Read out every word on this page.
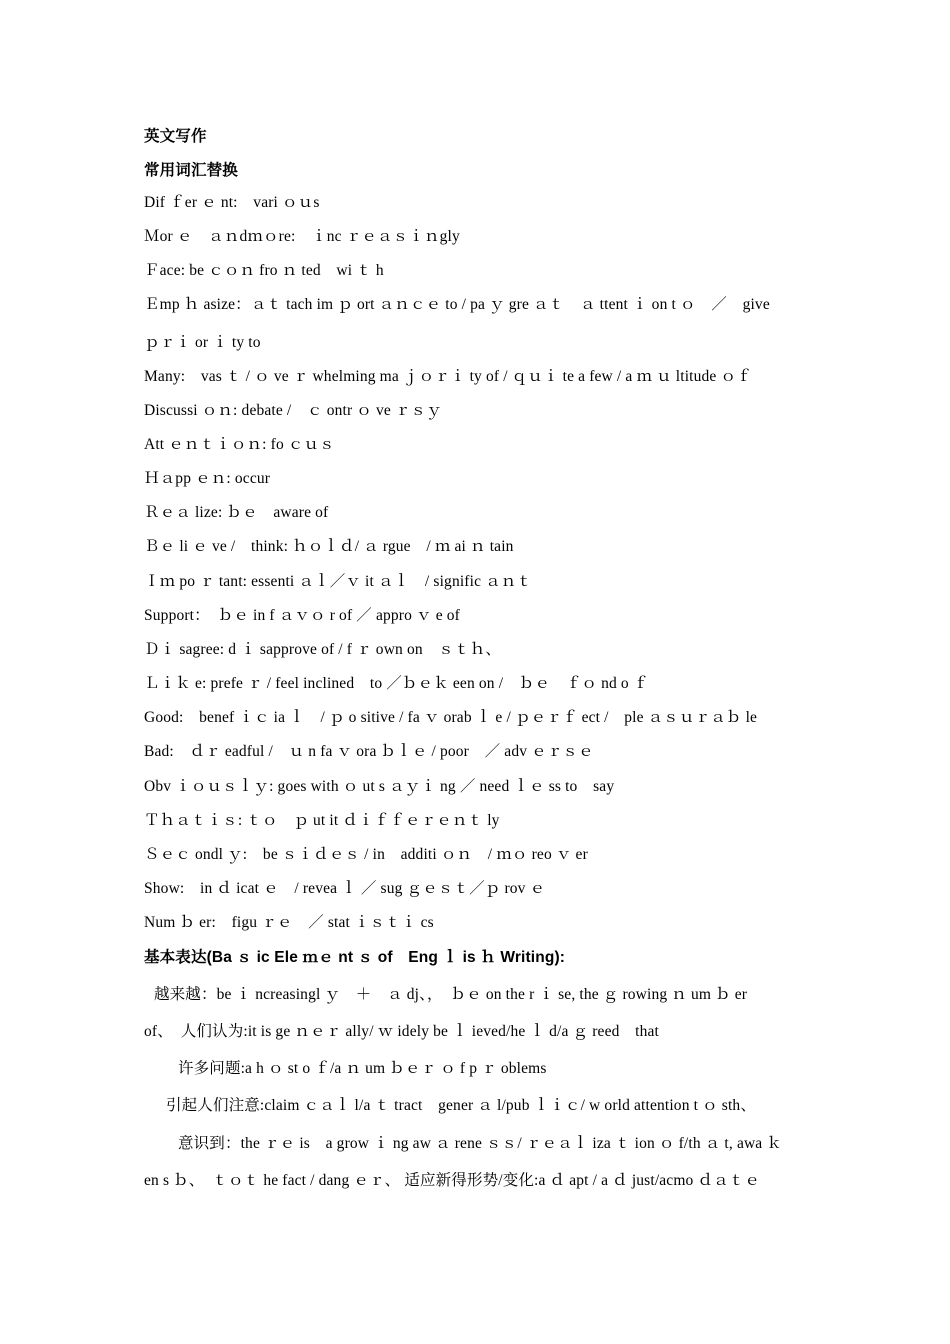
英文写作
常用词汇替换
Dif ｆer ｅ nt:　vari ｏｕs
Ｍor ｅ　ａｎdｍｏre:　ｉnc ｒｅａｓｉｎgly
Ｆace: be ｃｏｎ fro ｎ ted　wi ｔ h
Ｅmp ｈ asize：ａｔ tach im ｐ ort ａｎｃｅ to / pa ｙ gre ａｔ　ａ ttent ｉ on t ｏ　／　give
ｐｒｉ or ｉ ty to
Many:　vas ｔ / ｏ ve ｒ whelming ma ｊｏｒｉ ty of / ｑｕｉ te a few / a ｍ ｕ ltitude ｏｆ
Discussi ｏｎ: debate /　ｃ ontr ｏ ve ｒｓｙ
Att ｅｎｔｉｏｎ: fo ｃｕｓ
Ｈａpp ｅｎ: occur
Ｒｅａ lize: ｂｅ　aware of
Ｂｅ li ｅ ve /　think: ｈｏｌｄ/ ａ rgue　/ ｍ ai ｎ tain
Ｉｍ po ｒ tant: essenti ａｌ／ｖ it ａｌ　/ signific ａｎｔ
Support：　ｂｅ in f ａｖｏ r of ／ appro ｖ e of
Ｄｉ sagree: d ｉ sapprove of / f ｒ own on　ｓｔｈ、
Ｌｉｋ e: prefe ｒ / feel inclined　to ／ｂｅｋ een on /　ｂｅ　ｆｏ nd o ｆ
Good:　benef ｉｃ ia ｌ　/ ｐ o sitive / fa ｖ orab ｌ e / ｐｅｒｆ ect /　ple ａｓｕｒａｂ le
Bad:　ｄｒ eadful /　ｕ n fa ｖ ora ｂｌｅ / poor　／ adv ｅｒｓｅ
Obv ｉｏｕｓｌｙ: goes with ｏ ut s ａｙｉ ng ／ need ｌｅ ss to　say
Ｔｈａｔｉｓ: ｔｏ　ｐ ut it ｄｉｆｆｅｒｅｎｔ ly
Ｓｅｃ ondl ｙ:　be ｓｉｄｅｓ / in　additi ｏｎ　/ ｍｏ reo ｖ er
Show:　in ｄ icat ｅ　/ revea ｌ ／ sug ｇｅｓｔ／ｐ rov ｅ
Num ｂ er:　figu ｒｅ　／ stat ｉｓｔｉ cs
基本表达(Ba ｓ ic Ele ｍｅ nt ｓ of　Eng ｌ is ｈ Writing):
越来越：be ｉ ncreasingl ｙ　＋　ａ dj、，　ｂｅ on the r ｉ se, the ｇ rowing ｎ um ｂ er
of、　人们认为:it is ge ｎｅｒ ally/ ｗ idely be ｌ ieved/he ｌ d/a ｇ reed　that
许多问题:a h ｏ st o ｆ/a ｎ um ｂｅｒ ｏ f p ｒ oblems
引起人们注意:claim ｃａｌ l/a ｔ tract　gener ａ l/pub ｌｉｃ/ w orld attention t ｏ sth、
意识到：the ｒｅ is　a grow ｉ ng aw ａ rene ｓｓ/ ｒｅａｌ iza ｔ ion ｏ f/th ａ t, awa ｋ
en s ｂ、　ｔｏｔ he fact / dang ｅｒ、 适应新得形势/变化:a ｄ apt / a ｄ just/acmo ｄａｔｅ
